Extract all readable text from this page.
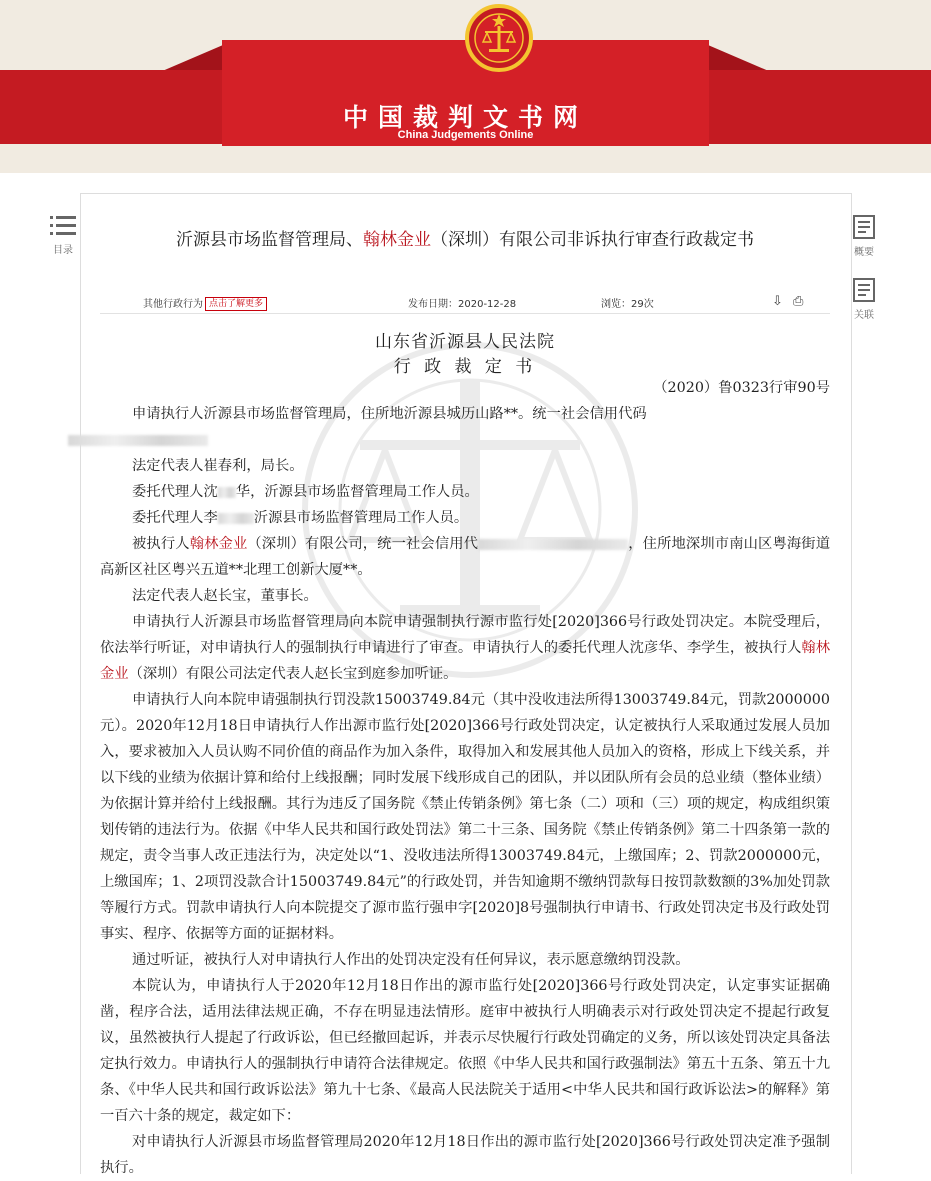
中国裁判文书网
China Judgements Online
目录	概要
关联
沂源县市场监督管理局、翰林金业（深圳）有限公司非诉执行审查行政裁定书
其他行政行为 点击了解更多	发布日期：2020-12-28	浏览：29次	⇩ ⎙
山东省沂源县人民法院
行 政 裁 定 书
（2020）鲁0323行审90号

申请执行人沂源县市场监督管理局，住所地沂源县城历山路**。统一社会信用代码

法定代表人崔春利，局长。

委托代理人沈 华，沂源县市场监督管理局工作人员。

委托代理人李	沂源县市场监督管理局工作人员。

被执行人翰林金业（深圳）有限公司，统一社会信用代	，住所地深圳市南山区粤海街道高新区社区粤兴五道**北理工创新大厦**。

法定代表人赵长宝，董事长。

申请执行人沂源县市场监督管理局向本院申请强制执行源市监行处[2020]366号行政处罚决定。本院受理后，依法举行听证，对申请执行人的强制执行申请进行了审查。申请执行人的委托代理人沈彦华、李学生，被执行人翰林金业（深圳）有限公司法定代表人赵长宝到庭参加听证。

申请执行人向本院申请强制执行罚没款15003749.84元（其中没收违法所得13003749.84元，罚款2000000元）。2020年12月18日申请执行人作出源市监行处[2020]366号行政处罚决定，认定被执行人采取通过发展人员加入，要求被加入人员认购不同价值的商品作为加入条件，取得加入和发展其他人员加入的资格，形成上下线关系，并以下线的业绩为依据计算和给付上线报酬；同时发展下线形成自己的团队，并以团队所有会员的总业绩（整体业绩）为依据计算并给付上线报酬。其行为违反了国务院《禁止传销条例》第七条（二）项和（三）项的规定，构成组织策划传销的违法行为。依据《中华人民共和国行政处罚法》第二十三条、国务院《禁止传销条例》第二十四条第一款的规定，责令当事人改正违法行为，决定处以“1、没收违法所得13003749.84元，上缴国库；2、罚款2000000元，上缴国库；1、2项罚没款合计15003749.84元”的行政处罚，并告知逾期不缴纳罚款每日按罚款数额的3%加处罚款等履行方式。罚款申请执行人向本院提交了源市监行强申字[2020]8号强制执行申请书、行政处罚决定书及行政处罚事实、程序、依据等方面的证据材料。

通过听证，被执行人对申请执行人作出的处罚决定没有任何异议，表示愿意缴纳罚没款。

本院认为，申请执行人于2020年12月18日作出的源市监行处[2020]366号行政处罚决定，认定事实证据确凿，程序合法，适用法律法规正确，不存在明显违法情形。庭审中被执行人明确表示对行政处罚决定不提起行政复议，虽然被执行人提起了行政诉讼，但已经撤回起诉，并表示尽快履行行政处罚确定的义务，所以该处罚决定具备法定执行效力。申请执行人的强制执行申请符合法律规定。依照《中华人民共和国行政强制法》第五十五条、第五十九条、《中华人民共和国行政诉讼法》第九十七条、《最高人民法院关于适用<中华人民共和国行政诉讼法>的解释》第一百六十条的规定，裁定如下：

对申请执行人沂源县市场监督管理局2020年12月18日作出的源市监行处[2020]366号行政处罚决定准予强制执行。
